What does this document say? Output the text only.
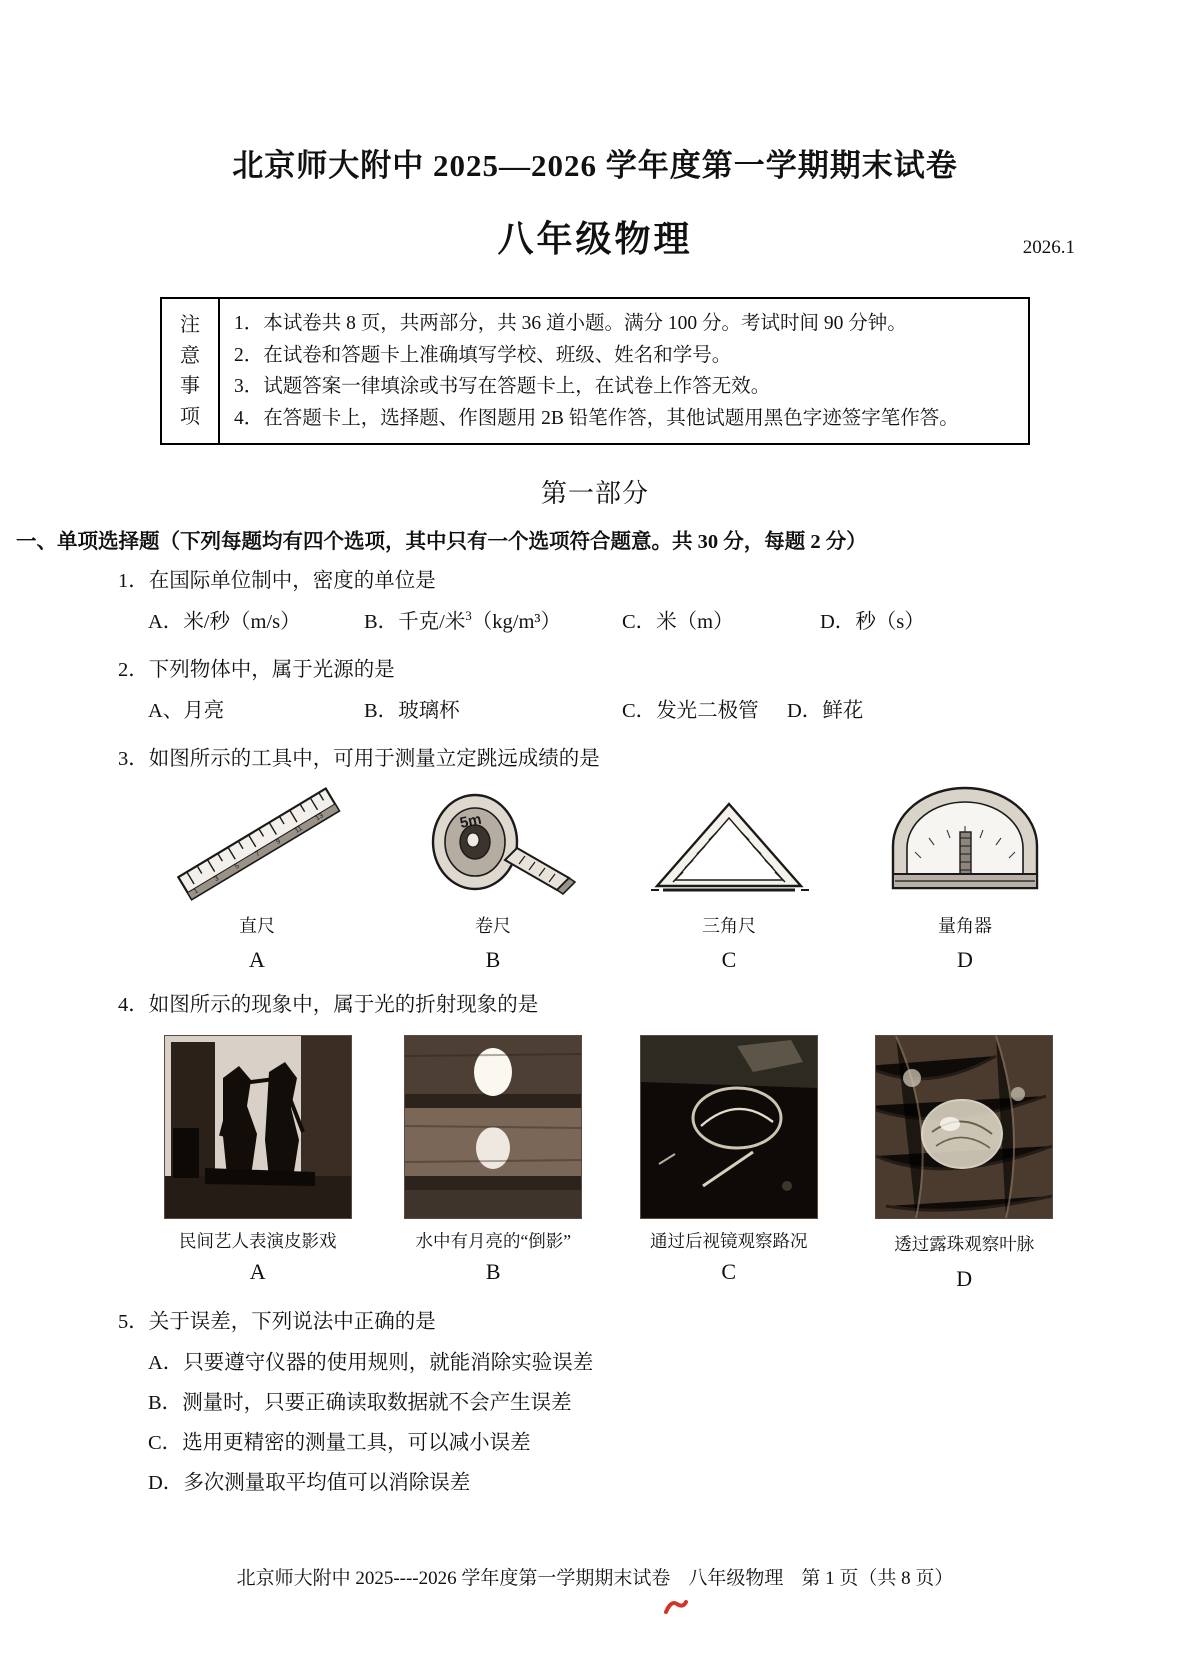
北京师大附中 2025—2026 学年度第一学期期末试卷
八年级物理	2026.1
注
意
事
项
1．本试卷共 8 页，共两部分，共 36 道小题。满分 100 分。考试时间 90 分钟。
2．在试卷和答题卡上准确填写学校、班级、姓名和学号。
3．试题答案一律填涂或书写在答题卡上，在试卷上作答无效。
4．在答题卡上，选择题、作图题用 2B 铅笔作答，其他试题用黑色字迹签字笔作答。
第一部分
一、单项选择题（下列每题均有四个选项，其中只有一个选项符合题意。共 30 分，每题 2 分）
1．在国际单位制中，密度的单位是
A．米/秒（m/s）	B．千克/米$^3$（kg/m³）	C．米（m）	D．秒（s）
2．下列物体中，属于光源的是
A、月亮	B．玻璃杯	C．发光二极管	D．鲜花
3．如图所示的工具中，可用于测量立定跳远成绩的是
1
3
5
7
9
11
13
直尺
A
5m
卷尺
B
三角尺
C
量角器
D
4．如图所示的现象中，属于光的折射现象的是
民间艺人表演皮影戏
A
水中有月亮的“倒影”
B
通过后视镜观察路况
C
透过露珠观察叶脉
D
5．关于误差，下列说法中正确的是
A．只要遵守仪器的使用规则，就能消除实验误差
B．测量时，只要正确读取数据就不会产生误差
C．选用更精密的测量工具，可以减小误差
D．多次测量取平均值可以消除误差
北京师大附中 2025----2026 学年度第一学期期末试卷 八年级物理 第 1 页（共 8 页）
